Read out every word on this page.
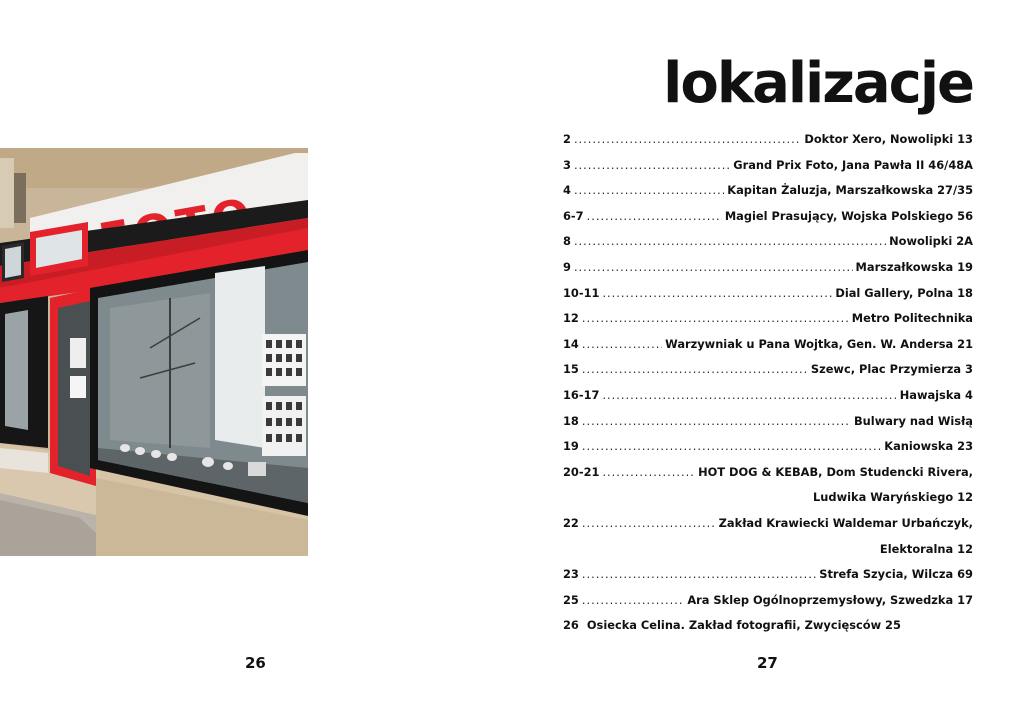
26
lokalizacje
2 .....	Doktor Xero, Nowolipki 13
3 .....	Grand Prix Foto, Jana Pawła II 46/48A
4 .....	Kapitan Żaluzja, Marszałkowska 27/35
6-7 .....	Magiel Prasujący, Wojska Polskiego 56
8 .....	Nowolipki 2A
9 .....	Marszałkowska 19
10-11 .....	Dial Gallery, Polna 18
12 .....	Metro Politechnika
14 .....	Warzywniak u Pana Wojtka, Gen. W. Andersa 21
15 .....	Szewc, Plac Przymierza 3
16-17 .....	Hawajska 4
18 .....	Bulwary nad Wisłą
19 .....	Kaniowska 23
20-21 .....	HOT DOG & KEBAB, Dom Studencki Rivera,
Ludwika Waryńskiego 12
22 .....	Zakład Krawiecki Waldemar Urbańczyk,
Elektoralna 12
23 .....	Strefa Szycia, Wilcza 69
25 .....	Ara Sklep Ogólnoprzemysłowy, Szwedzka 17
26 Osiecka Celina. Zakład fotografii, Zwycięsców 25
27
